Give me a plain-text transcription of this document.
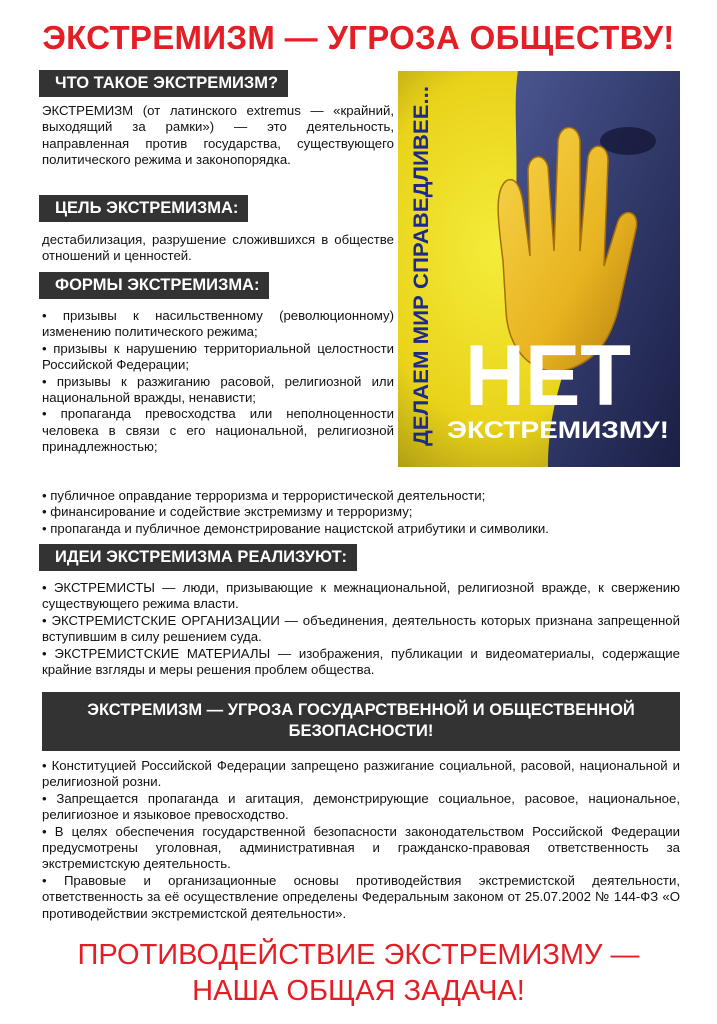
ЭКСТРЕМИЗМ — УГРОЗА ОБЩЕСТВУ!
ЧТО ТАКОЕ ЭКСТРЕМИЗМ?

ЭКСТРЕМИЗМ (от латинского extremus — «крайний, выходящий за рамки») — это деятельность, направленная против государства, существующего политического режима и законопорядка.

ЦЕЛЬ ЭКСТРЕМИЗМА:

дестабилизация, разрушение сложившихся в обществе отношений и ценностей.

ФОРМЫ ЭКСТРЕМИЗМА:
• призывы к насильственному (революционному) изменению политического режима;
• призывы к нарушению территориальной целостности Российской Федерации;
• призывы к разжиганию расовой, религиозной или национальной вражды, ненависти;
• пропаганда превосходства или неполноценности человека в связи с его национальной, религиозной принадлежностью;
• публичное оправдание терроризма и террористической деятельности;
• финансирование и содействие экстремизму и терроризму;
• пропаганда и публичное демонстрирование нацистской атрибутики и символики.
ИДЕИ ЭКСТРЕМИЗМА РЕАЛИЗУЮТ:
• ЭКСТРЕМИСТЫ — люди, призывающие к межнациональной, религиозной вражде, к свержению существующего режима власти.
• ЭКСТРЕМИСТСКИЕ ОРГАНИЗАЦИИ — объединения, деятельность которых признана запрещенной вступившим в силу решением суда.
• ЭКСТРЕМИСТСКИЕ МАТЕРИАЛЫ — изображения, публикации и видеоматериалы, содержащие крайние взгляды и меры решения проблем общества.
ЭКСТРЕМИЗМ — УГРОЗА ГОСУДАРСТВЕННОЙ И ОБЩЕСТВЕННОЙ
БЕЗОПАСНОСТИ!
• Конституцией Российской Федерации запрещено разжигание социальной, расовой, национальной и религиозной розни.
• Запрещается пропаганда и агитация, демонстрирующие социальное, расовое, национальное, религиозное и языковое превосходство.
• В целях обеспечения государственной безопасности законодательством Российской Федерации предусмотрены уголовная, административная и гражданско-правовая ответственность за экстремистскую деятельность.
• Правовые и организационные основы противодействия экстремистской деятельности, ответственность за её осуществление определены Федеральным законом от 25.07.2002 № 144-ФЗ «О противодействии экстремистской деятельности».
ДЕЛАЕМ МИР СПРАВЕДЛИВЕЕ... НЕТ
ЭКСТРЕМИЗМУ!
ПРОТИВОДЕЙСТВИЕ ЭКСТРЕМИЗМУ —
НАША ОБЩАЯ ЗАДАЧА!
